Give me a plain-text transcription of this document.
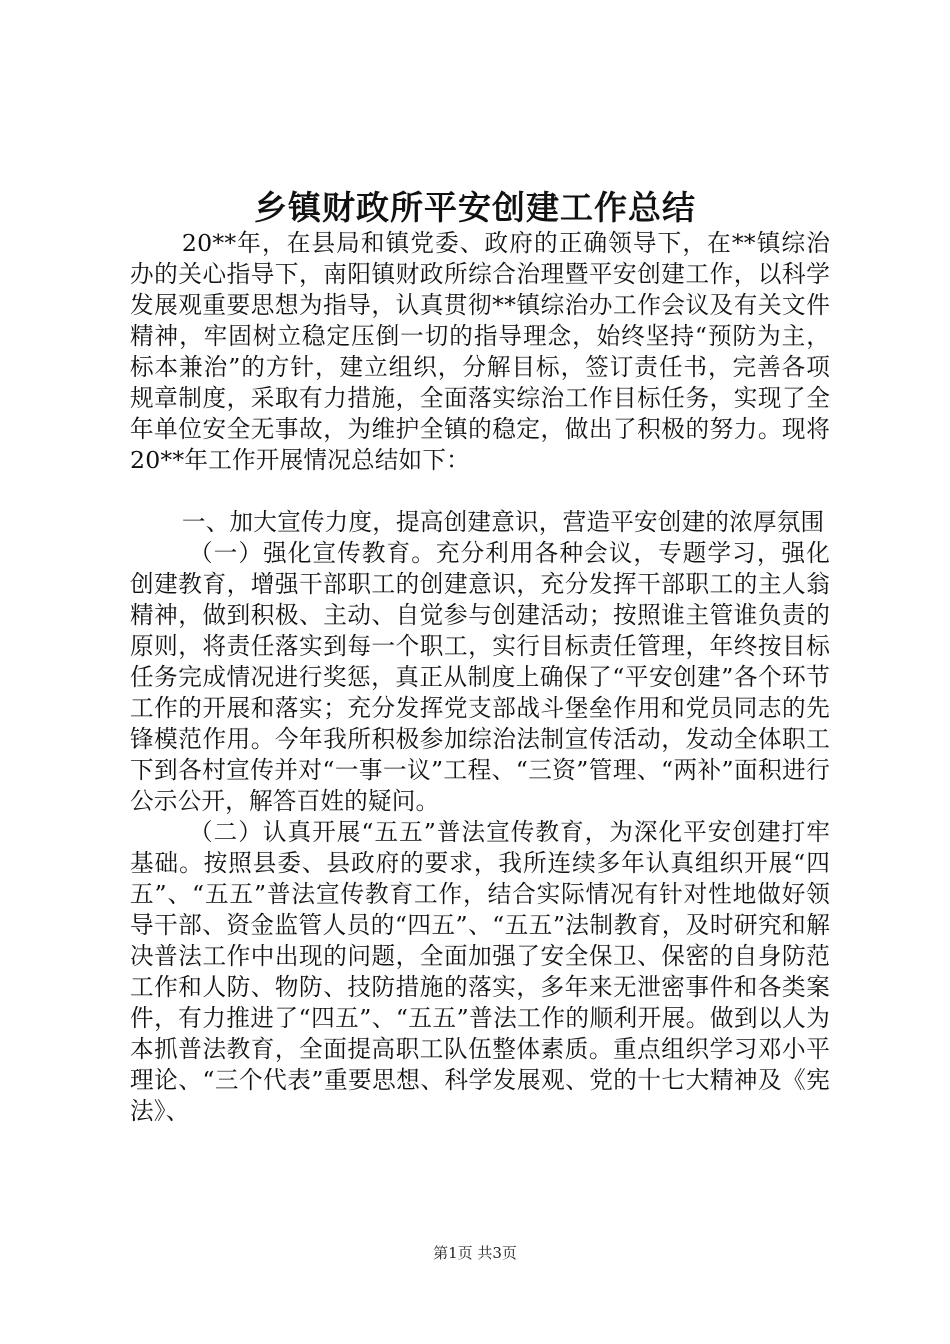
乡镇财政所平安创建工作总结

20**年，在县局和镇党委、政府的正确领导下，在**镇综治办的关心指导下，南阳镇财政所综合治理暨平安创建工作，以科学发展观重要思想为指导，认真贯彻**镇综治办工作会议及有关文件精神，牢固树立稳定压倒一切的指导理念，始终坚持“预防为主，标本兼治”的方针，建立组织，分解目标，签订责任书，完善各项规章制度，采取有力措施，全面落实综治工作目标任务，实现了全年单位安全无事故，为维护全镇的稳定，做出了积极的努力。现将20**年工作开展情况总结如下：

一、加大宣传力度，提高创建意识，营造平安创建的浓厚氛围

（一）强化宣传教育。充分利用各种会议，专题学习，强化创建教育，增强干部职工的创建意识，充分发挥干部职工的主人翁精神，做到积极、主动、自觉参与创建活动；按照谁主管谁负责的原则，将责任落实到每一个职工，实行目标责任管理，年终按目标任务完成情况进行奖惩，真正从制度上确保了“平安创建”各个环节工作的开展和落实；充分发挥党支部战斗堡垒作用和党员同志的先锋模范作用。今年我所积极参加综治法制宣传活动，发动全体职工下到各村宣传并对“一事一议”工程、“三资”管理、“两补”面积进行公示公开，解答百姓的疑问。

（二）认真开展“五五”普法宣传教育，为深化平安创建打牢基础。按照县委、县政府的要求，我所连续多年认真组织开展“四五”、“五五”普法宣传教育工作，结合实际情况有针对性地做好领导干部、资金监管人员的“四五”、“五五”法制教育，及时研究和解决普法工作中出现的问题，全面加强了安全保卫、保密的自身防范工作和人防、物防、技防措施的落实，多年来无泄密事件和各类案件，有力推进了“四五”、“五五”普法工作的顺利开展。做到以人为本抓普法教育，全面提高职工队伍整体素质。重点组织学习邓小平理论、“三个代表”重要思想、科学发展观、党的十七大精神及《宪法》、

第1页 共3页
